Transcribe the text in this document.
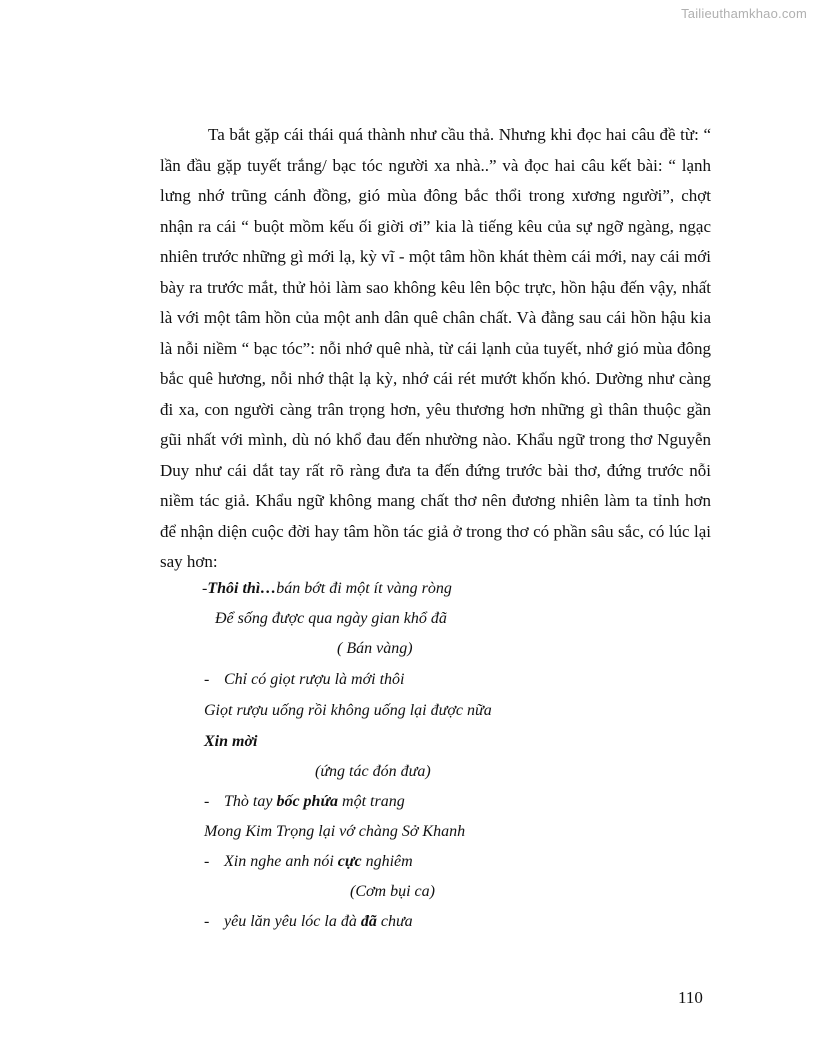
Tailieuthamkhao.com

Ta bắt gặp cái thái quá thành như cầu thả. Nhưng khi đọc hai câu đề từ: “ lần đầu gặp tuyết trắng/ bạc tóc người xa nhà..” và đọc hai câu kết bài: “ lạnh lưng nhớ trũng cánh đồng, gió mùa đông bắc thổi trong xương người”, chợt nhận ra cái “ buột mồm kếu ối giời ơi” kia là tiếng kêu của sự ngỡ ngàng, ngạc nhiên trước những gì mới lạ, kỳ vĩ - một tâm hồn khát thèm cái mới, nay cái mới bày ra trước mắt, thử hỏi làm sao không kêu lên bộc trực, hồn hậu đến vậy, nhất là với một tâm hồn của một anh dân quê chân chất. Và đằng sau cái hồn hậu kia là nỗi niềm “ bạc tóc”: nỗi nhớ quê nhà, từ cái lạnh của tuyết, nhớ gió mùa đông bắc quê hương, nỗi nhớ thật lạ kỳ, nhớ cái rét mướt khốn khó. Dường như càng đi xa, con người càng trân trọng hơn, yêu thương hơn những gì thân thuộc gần gũi nhất với mình, dù nó khổ đau đến nhường nào. Khẩu ngữ trong thơ Nguyễn Duy như cái dắt tay rất rõ ràng đưa ta đến đứng trước bài thơ, đứng trước nỗi niềm tác giả. Khẩu ngữ không mang chất thơ nên đương nhiên làm ta tỉnh hơn để nhận diện cuộc đời hay tâm hồn tác giả ở trong thơ có phần sâu sắc, có lúc lại say hơn:

-Thôi thì…bán bớt đi một ít vàng ròng
Để sống được qua ngày gian khổ đã
( Bán vàng)
- Chỉ có giọt rượu là mới thôi
Giọt rượu uống rồi không uống lại được nữa
Xin mời
(ứng tác đón đưa)
- Thò tay bốc phứa một trang
Mong Kim Trọng lại vớ chàng Sở Khanh
- Xin nghe anh nói cực nghiêm
(Cơm bụi ca)
- yêu lăn yêu lóc la đà đã chưa
110
